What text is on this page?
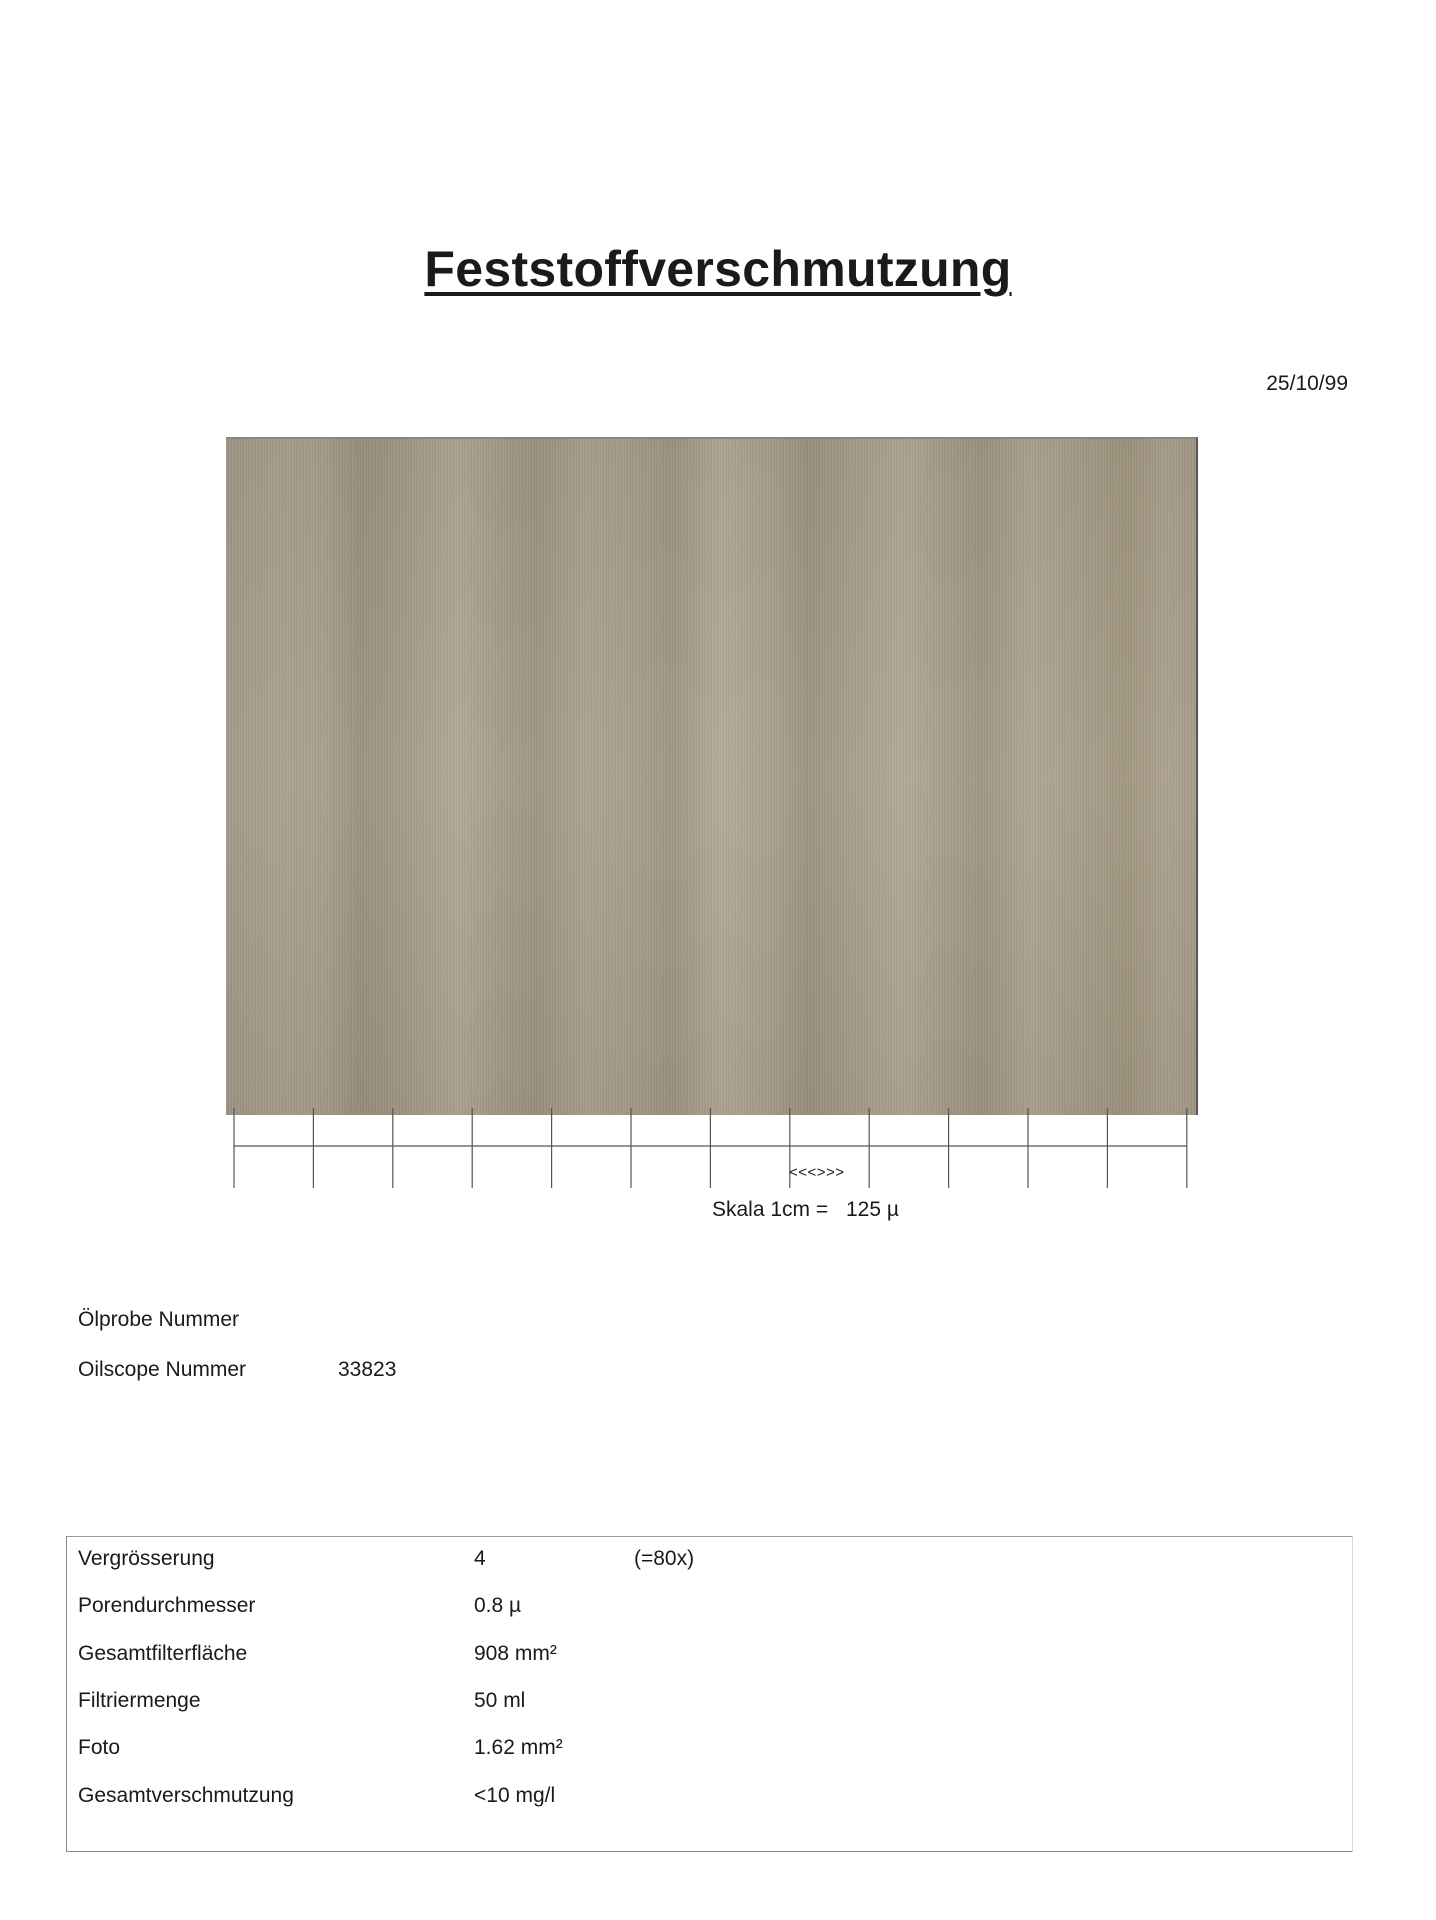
Feststoffverschmutzung
25/10/99
<<<>>>
Skala 1cm = 125 µ
Ölprobe Nummer
Oilscope Nummer	33823
Vergrösserung	4	(=80x)
Porendurchmesser	0.8 µ
Gesamtfilterfläche	908 mm²
Filtriermenge	50 ml
Foto	1.62 mm²
Gesamtverschmutzung	<10 mg/l
